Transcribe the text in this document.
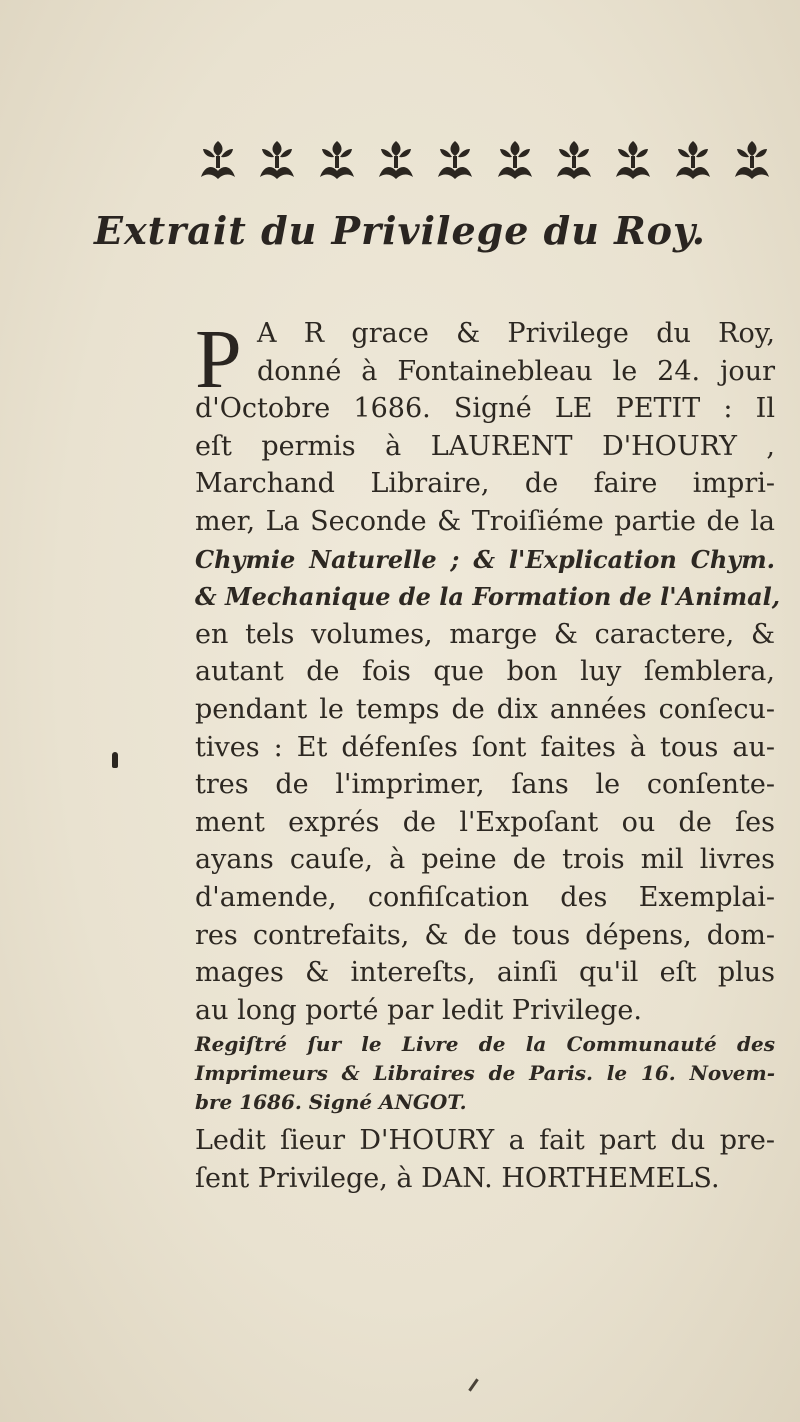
Extrait du Privilege du Roy.
P A R grace & Privilege du Roy,
donné à Fontainebleau le 24. jour
d'Octobre 1686. Signé LE PETIT : Il
eſt permis à LAURENT D'HOURY ,
Marchand Libraire, de faire impri-
mer, La Seconde & Troiſiéme partie de la
Chymie Naturelle ; & l'Explication Chym.
& Mechanique de la Formation de l'Animal,
en tels volumes, marge & caractere, &
autant de fois que bon luy ſemblera,
pendant le temps de dix années conſecu-
tives : Et défenſes ſont faites à tous au-
tres de l'imprimer, ſans le conſente-
ment exprés de l'Expoſant ou de ſes
ayans cauſe, à peine de trois mil livres
d'amende, confiſcation des Exemplai-
res contrefaits, & de tous dépens, dom-
mages & intereſts, ainſi qu'il eſt plus
au long porté par ledit Privilege.
Regiſtré ſur le Livre de la Communauté des
Imprimeurs & Libraires de Paris. le 16. Novem-
bre 1686. Signé ANGOT.
Ledit ſieur D'HOURY a fait part du pre-
ſent Privilege, à DAN. HORTHEMELS.
